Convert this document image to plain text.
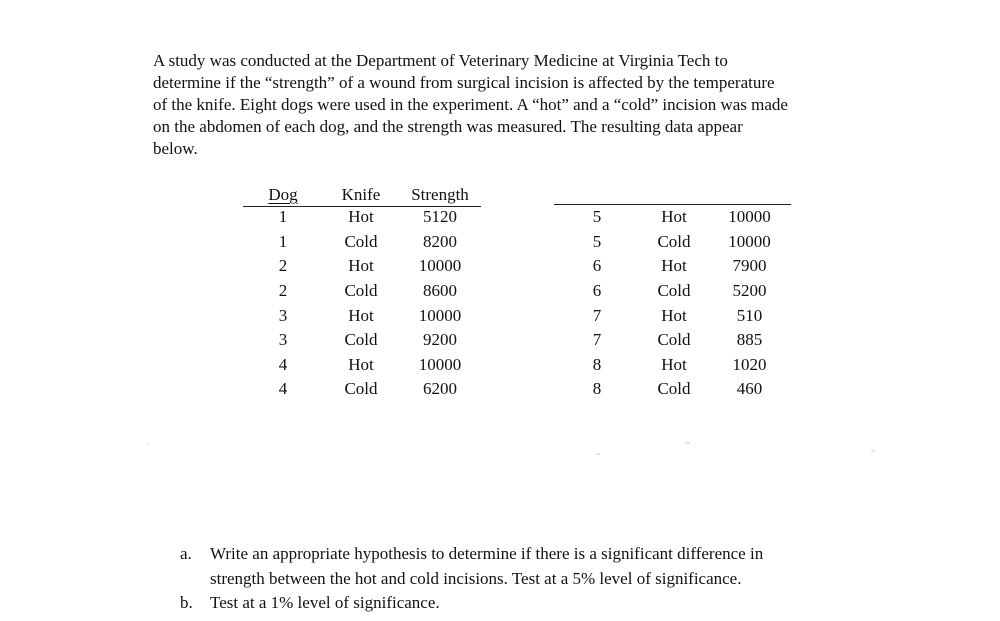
A study was conducted at the Department of Veterinary Medicine at Virginia Tech to
determine if the “strength” of a wound from surgical incision is affected by the temperature
of the knife. Eight dogs were used in the experiment. A “hot” and a “cold” incision was made
on the abdomen of each dog, and the strength was measured. The resulting data appear
below.
Dog	Knife	Strength
1	Hot	5120
1	Cold	8200
2	Hot	10000
2	Cold	8600
3	Hot	10000
3	Cold	9200
4	Hot	10000
4	Cold	6200
5	Hot	10000
5	Cold	10000
6	Hot	7900
6	Cold	5200
7	Hot	510
7	Cold	885
8	Hot	1020
8	Cold	460
a. Write an appropriate hypothesis to determine if there is a significant difference in
strength between the hot and cold incisions. Test at a 5% level of significance.
b. Test at a 1% level of significance.
